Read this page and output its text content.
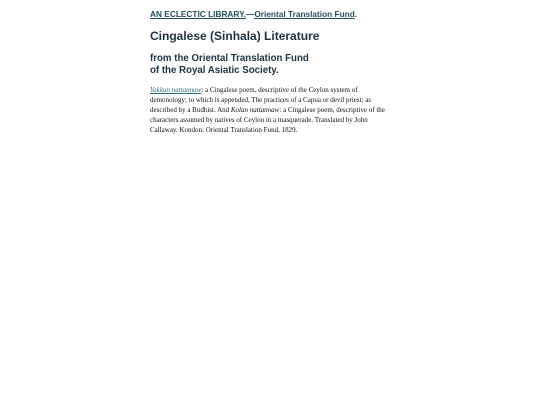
AN ECLECTIC LIBRARY.—Oriental Translation Fund.
Cingalese (Sinhala) Literature
from the Oriental Translation Fund
of the Royal Asiatic Society.

Yakkun nattannaw: a Cingalese poem, descriptive of the Ceylon system of demonology; to which is appended, The practices of a Capua or devil priest; as described by a Budhist. And Kolan nattannaw: a Cingalese poem, descriptive of the characters assumed by natives of Ceylon in a masquerade. Translated by John Callaway. Kondon: Oriental Translation Fund, 1829.
